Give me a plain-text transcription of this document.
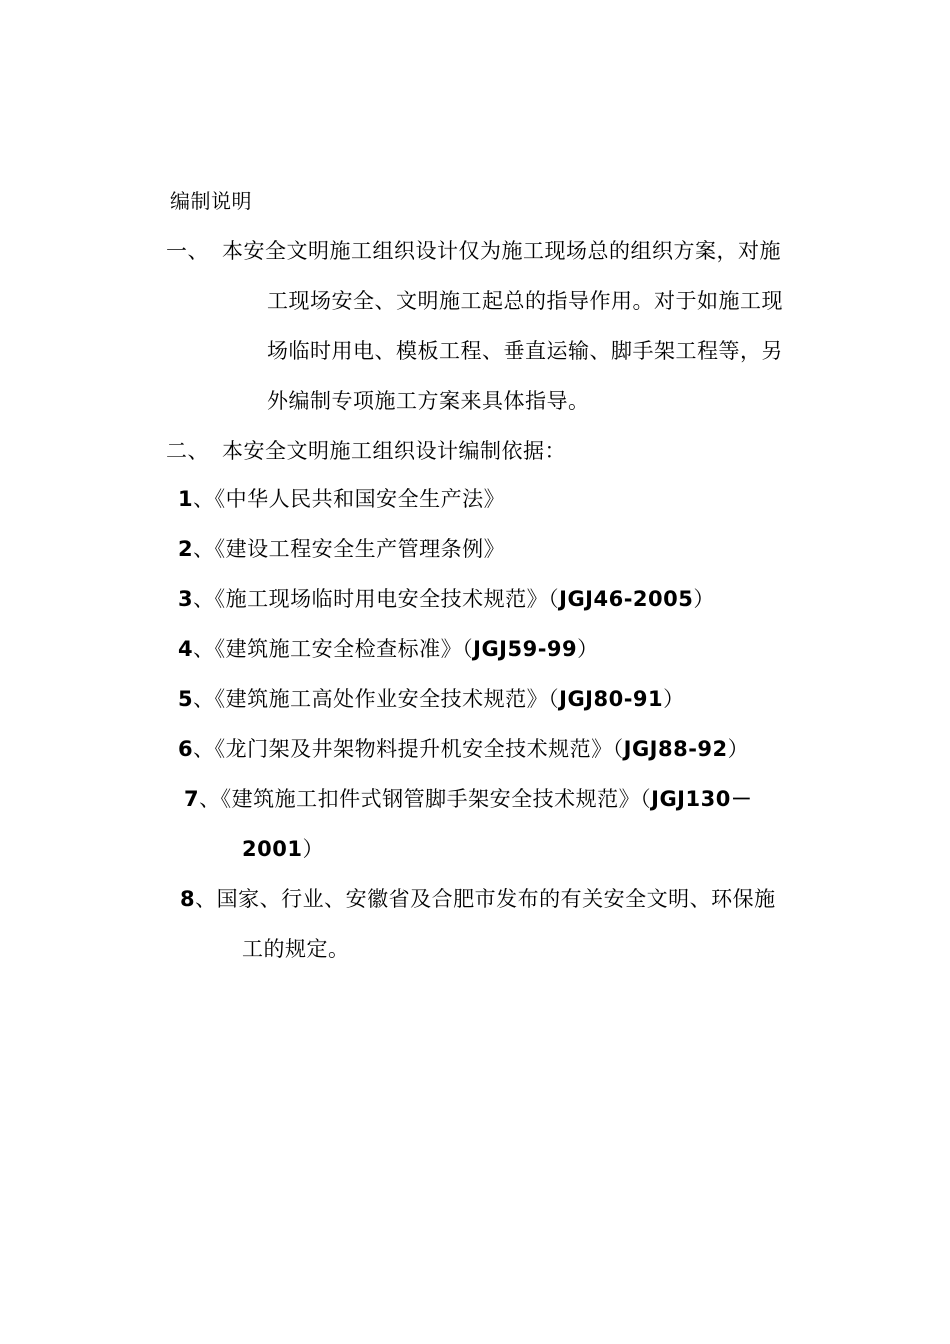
编制说明
一、 本安全文明施工组织设计仅为施工现场总的组织方案，对施
工现场安全、文明施工起总的指导作用。对于如施工现
场临时用电、模板工程、垂直运输、脚手架工程等，另
外编制专项施工方案来具体指导。
二、 本安全文明施工组织设计编制依据：
1、《中华人民共和国安全生产法》
2、《建设工程安全生产管理条例》
3、《施工现场临时用电安全技术规范》（JGJ46-2005）
4、《建筑施工安全检查标准》（JGJ59-99）
5、《建筑施工高处作业安全技术规范》（JGJ80-91）
6、《龙门架及井架物料提升机安全技术规范》（JGJ88-92）
7、《建筑施工扣件式钢管脚手架安全技术规范》（JGJ130－
2001）
8、国家、行业、安徽省及合肥市发布的有关安全文明、环保施
工的规定。
